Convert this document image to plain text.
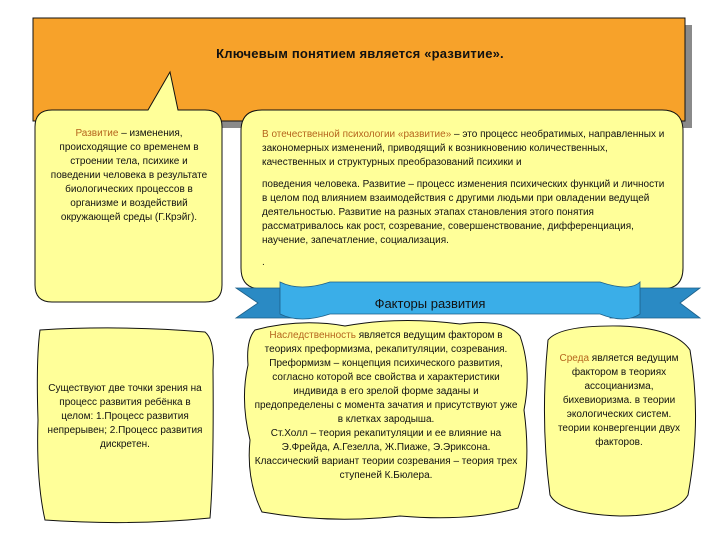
Ключевым понятием является «развитие».
Развитие – изменения, происходящие со временем в строении тела, психике и поведении человека в результате биологических процессов в организме и воздействий окружающей среды (Г.Крэйг).
В отечественной психологии «развитие» – это процесс необратимых, направленных и закономерных изменений, приводящий к возникновению количественных, качественных и структурных преобразований психики и
поведения человека. Развитие – процесс изменения психических функций и личности в целом под влиянием взаимодействия с другими людьми при овладении ведущей деятельностью. Развитие на разных этапах становления этого понятия рассматривалось как рост, созревание, совершенствование, дифференциация, научение, запечатление, социализация.
.
Факторы развития
Существуют две точки зрения на процесс развития ребёнка в целом: 1.Процесс развития непрерывен; 2.Процесс развития дискретен.
Наследственность является ведущим фактором в теориях преформизма, рекапитуляции, созревания.
Преформизм – концепция психического развития, согласно которой все свойства и характеристики индивида в его зрелой форме заданы и предопределены с момента зачатия и присутствуют уже в клетках зародыша.
Ст.Холл – теория рекапитуляции и ее влияние на Э.Фрейда, А.Гезелла, Ж.Пиаже, Э.Эриксона.
Классический вариант теории созревания – теория трех ступеней К.Бюлера.
Среда является ведущим фактором в теориях ассоцианизма, бихевиоризма. в теории экологических систем. теории конвергенции двух факторов.
